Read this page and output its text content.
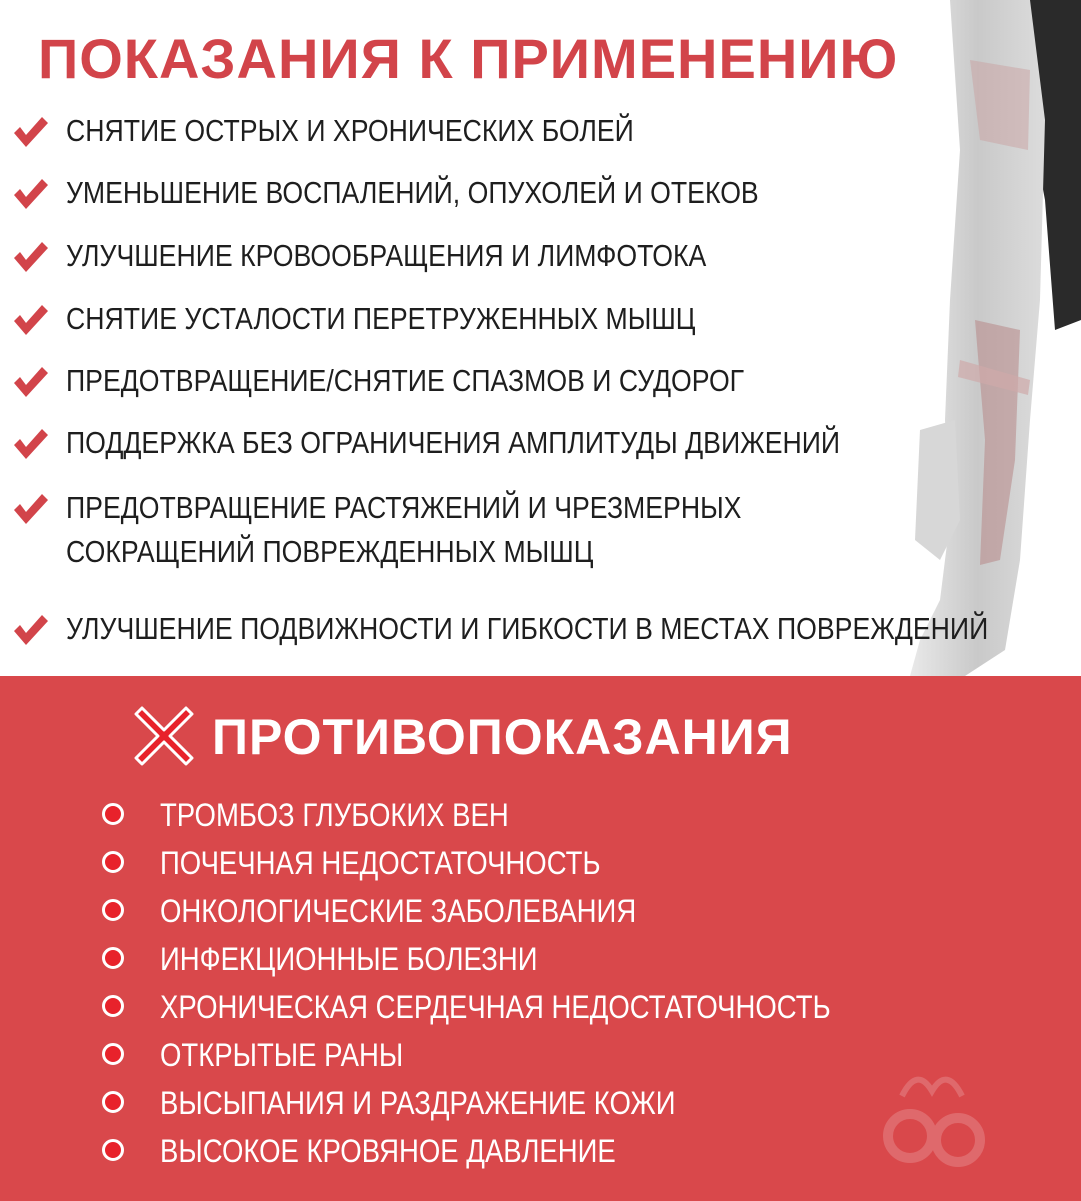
ПОКАЗАНИЯ К ПРИМЕНЕНИЮ
СНЯТИЕ ОСТРЫХ И ХРОНИЧЕСКИХ БОЛЕЙ
УМЕНЬШЕНИЕ ВОСПАЛЕНИЙ, ОПУХОЛЕЙ И ОТЕКОВ
УЛУЧШЕНИЕ КРОВООБРАЩЕНИЯ И ЛИМФОТОКА
СНЯТИЕ УСТАЛОСТИ ПЕРЕТРУЖЕННЫХ МЫШЦ
ПРЕДОТВРАЩЕНИЕ/СНЯТИЕ СПАЗМОВ И СУДОРОГ
ПОДДЕРЖКА БЕЗ ОГРАНИЧЕНИЯ АМПЛИТУДЫ ДВИЖЕНИЙ
ПРЕДОТВРАЩЕНИЕ РАСТЯЖЕНИЙ И ЧРЕЗМЕРНЫХ
СОКРАЩЕНИЙ ПОВРЕЖДЕННЫХ МЫШЦ
УЛУЧШЕНИЕ ПОДВИЖНОСТИ И ГИБКОСТИ В МЕСТАХ ПОВРЕЖДЕНИЙ
ПРОТИВОПОКАЗАНИЯ
ТРОМБОЗ ГЛУБОКИХ ВЕН
ПОЧЕЧНАЯ НЕДОСТАТОЧНОСТЬ
ОНКОЛОГИЧЕСКИЕ ЗАБОЛЕВАНИЯ
ИНФЕКЦИОННЫЕ БОЛЕЗНИ
ХРОНИЧЕСКАЯ СЕРДЕЧНАЯ НЕДОСТАТОЧНОСТЬ
ОТКРЫТЫЕ РАНЫ
ВЫСЫПАНИЯ И РАЗДРАЖЕНИЕ КОЖИ
ВЫСОКОЕ КРОВЯНОЕ ДАВЛЕНИЕ
